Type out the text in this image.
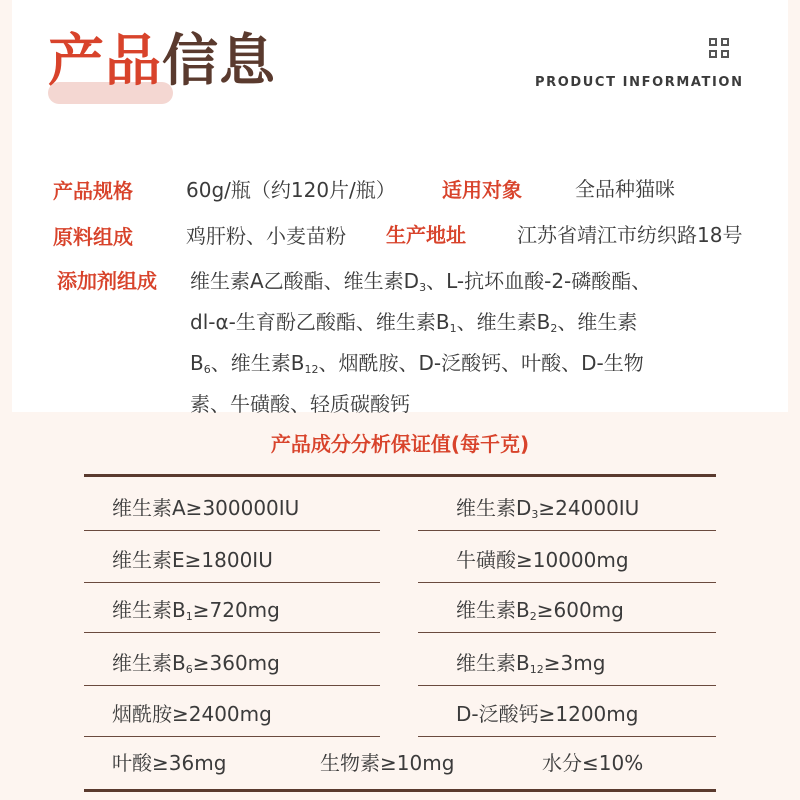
产品信息	PRODUCT INFORMATION
产品规格	60g/瓶（约120片/瓶） 适用对象	全品种猫咪
原料组成	鸡肝粉、小麦苗粉 生产地址	江苏省靖江市纺织路18号
添加剂组成 维生素A乙酸酯、维生素$D_3$、L-抗坏血酸-2-磷酸酯、
dl-α-生育酚乙酸酯、维生素$B_1$、维生素$B_2$、维生素
$B_6$、维生素$B_{12}$、烟酰胺、D-泛酸钙、叶酸、D-生物
素、牛磺酸、轻质碳酸钙
产品成分分析保证值(每千克)
维生素A≥300000IU	维生素$D_3\ge 24000IU$
维生素E≥1800IU	牛磺酸≥10000mg
维生素$B_1\ge 720mg$	维生素$B_2\ge 600mg$
维生素$B_6\ge 360mg$	维生素$B_{12}\ge 3mg$
烟酰胺≥2400mg	D-泛酸钙≥1200mg
叶酸≥36mg	生物素≥10mg	水分≤10%
